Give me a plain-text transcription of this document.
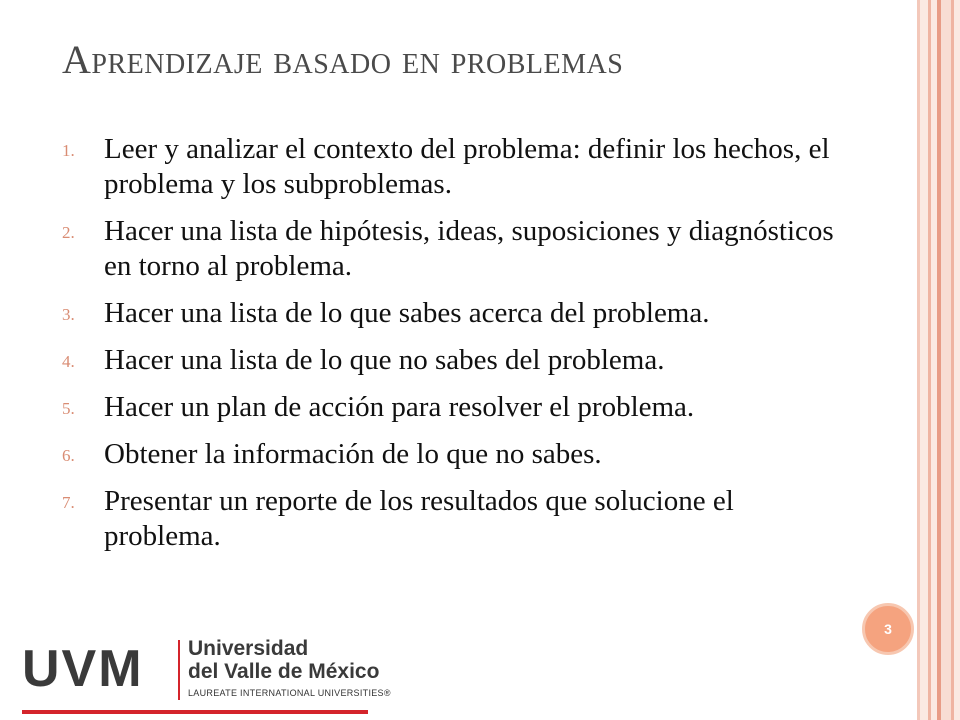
Aprendizaje basado en problemas
1.	Leer y analizar el contexto del problema: definir los hechos, el problema y los subproblemas.
2.	Hacer una lista de hipótesis, ideas, suposiciones y diagnósticos en torno al problema.
3.	Hacer una lista de lo que sabes acerca del problema.
4.	Hacer una lista de lo que no sabes del problema.
5.	Hacer un plan de acción para resolver el problema.
6.	Obtener la información de lo que no sabes.
7.	Presentar un reporte de los resultados que solucione el problema.
3
UVM Universidad
del Valle de México
LAUREATE INTERNATIONAL UNIVERSITIES®
